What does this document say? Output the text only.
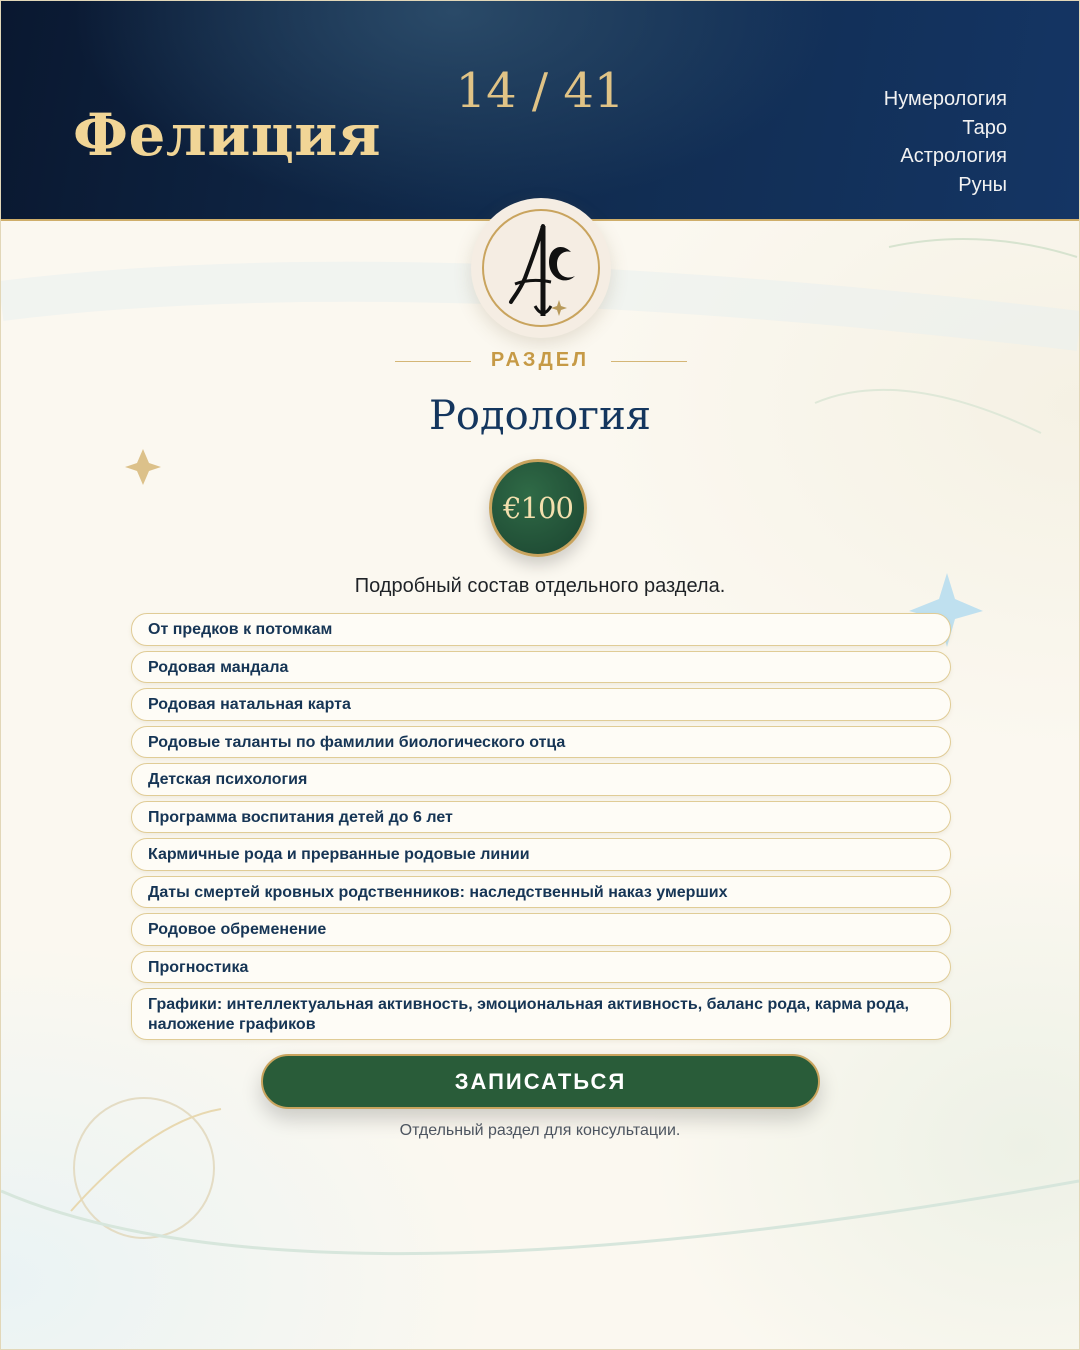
Фелиция
14 / 41	Нумерология
Таро
Астрология
Руны
РАЗДЕЛ
Родология
€100
Подробный состав отдельного раздела.
От предков к потомкам
Родовая мандала
Родовая натальная карта
Родовые таланты по фамилии биологического отца
Детская психология
Программа воспитания детей до 6 лет
Кармичные рода и прерванные родовые линии
Даты смертей кровных родственников: наследственный наказ умерших
Родовое обременение
Прогностика
Графики: интеллектуальная активность, эмоциональная активность, баланс рода, карма рода, наложение графиков
ЗАПИСАТЬСЯ
Отдельный раздел для консультации.
